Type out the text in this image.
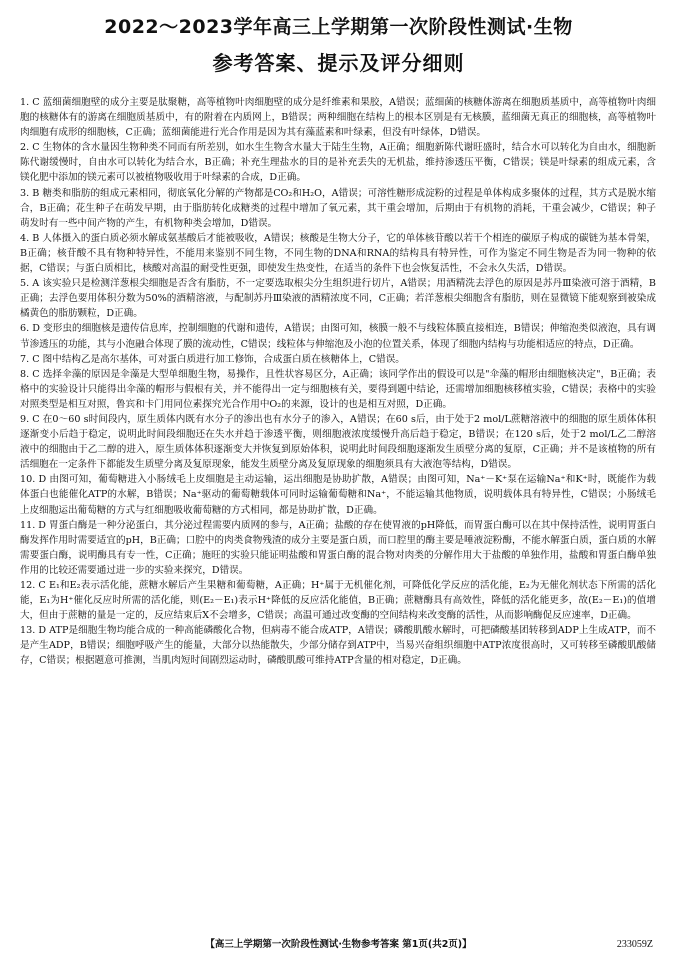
2022～2023学年高三上学期第一次阶段性测试·生物
参考答案、提示及评分细则

1. C 蓝细菌细胞壁的成分主要是肽聚糖，高等植物叶肉细胞壁的成分是纤维素和果胶，A错误；蓝细菌的核糖体游离在细胞质基质中，高等植物叶肉细胞的核糖体有的游离在细胞质基质中，有的附着在内质网上，B错误；两种细胞在结构上的根本区别是有无核膜，蓝细菌无真正的细胞核，高等植物叶肉细胞有成形的细胞核，C正确；蓝细菌能进行光合作用是因为其有藻蓝素和叶绿素，但没有叶绿体，D错误。

2. C 生物体的含水量因生物种类不同而有所差别，如水生生物含水量大于陆生生物，A正确；细胞新陈代谢旺盛时，结合水可以转化为自由水，细胞新陈代谢缓慢时，自由水可以转化为结合水，B正确；补充生理盐水的目的是补充丢失的无机盐，维持渗透压平衡，C错误；镁是叶绿素的组成元素，含镁化肥中添加的镁元素可以被植物吸收用于叶绿素的合成，D正确。

3. B 糖类和脂肪的组成元素相同，彻底氧化分解的产物都是CO₂和H₂O，A错误；可溶性糖形成淀粉的过程是单体构成多聚体的过程，其方式是脱水缩合，B正确；花生种子在萌发早期，由于脂肪转化成糖类的过程中增加了氧元素，其干重会增加，后期由于有机物的消耗，干重会减少，C错误；种子萌发时有一些中间产物的产生，有机物种类会增加，D错误。

4. B 人体摄入的蛋白质必须水解成氨基酸后才能被吸收，A错误；核酸是生物大分子，它的单体核苷酸以若干个相连的碳原子构成的碳链为基本骨架，B正确；核苷酸不具有物种特异性，不能用来鉴别不同生物，不同生物的DNA和RNA的结构具有特异性，可作为鉴定不同生物是否为同一物种的依据，C错误；与蛋白质相比，核酸对高温的耐受性更强，即使发生热变性，在适当的条件下也会恢复活性，不会永久失活，D错误。

5. A 该实验只是检测洋葱根尖细胞是否含有脂肪，不一定要选取根尖分生组织进行切片，A错误；用酒精洗去浮色的原因是苏丹Ⅲ染液可溶于酒精，B正确；去浮色要用体积分数为50%的酒精溶液，与配制苏丹Ⅲ染液的酒精浓度不同，C正确；若洋葱根尖细胞含有脂肪，则在显微镜下能观察到被染成橘黄色的脂肪颗粒，D正确。

6. D 变形虫的细胞核是遗传信息库，控制细胞的代谢和遗传，A错误；由图可知，核膜一般不与线粒体膜直接相连，B错误；伸缩泡类似液泡，具有调节渗透压的功能，其与小泡融合体现了膜的流动性，C错误；线粒体与伸缩泡及小泡的位置关系，体现了细胞内结构与功能相适应的特点，D正确。

7. C 图中结构乙是高尔基体，可对蛋白质进行加工修饰，合成蛋白质在核糖体上，C错误。

8. C 选择伞藻的原因是伞藻是大型单细胞生物，易操作，且性状容易区分，A正确；该同学作出的假设可以是"伞藻的帽形由细胞核决定"，B正确；表格中的实验设计只能得出伞藻的帽形与假根有关，并不能得出一定与细胞核有关，要得到题中结论，还需增加细胞核移植实验，C错误；表格中的实验对照类型是相互对照，鲁宾和卡门用同位素探究光合作用中O₂的来源，设计的也是相互对照，D正确。

9. C 在0～60 s时间段内，原生质体内既有水分子的渗出也有水分子的渗入，A错误；在60 s后，由于处于2 mol/L蔗糖溶液中的细胞的原生质体体积逐渐变小后趋于稳定，说明此时间段细胞还在失水并趋于渗透平衡，则细胞液浓度缓慢升高后趋于稳定，B错误；在120 s后，处于2 mol/L乙二醇溶液中的细胞由于乙二醇的进入，原生质体体积逐渐变大并恢复到原始体积，说明此时间段细胞逐渐发生质壁分离的复原，C正确；并不是该植物的所有活细胞在一定条件下都能发生质壁分离及复原现象，能发生质壁分离及复原现象的细胞须具有大液泡等结构，D错误。

10. D 由图可知，葡萄糖进入小肠绒毛上皮细胞是主动运输，运出细胞是协助扩散，A错误；由图可知，Na⁺－K⁺泵在运输Na⁺和K⁺时，既能作为载体蛋白也能催化ATP的水解，B错误；Na⁺驱动的葡萄糖载体可同时运输葡萄糖和Na⁺，不能运输其他物质，说明载体具有特异性，C错误；小肠绒毛上皮细胞运出葡萄糖的方式与红细胞吸收葡萄糖的方式相同，都是协助扩散，D正确。

11. D 胃蛋白酶是一种分泌蛋白，其分泌过程需要内质网的参与，A正确；盐酸的存在使胃液的pH降低，而胃蛋白酶可以在其中保持活性，说明胃蛋白酶发挥作用时需要适宜的pH，B正确；口腔中的肉类食物残渣的成分主要是蛋白质，而口腔里的酶主要是唾液淀粉酶，不能水解蛋白质，蛋白质的水解需要蛋白酶，说明酶具有专一性，C正确；施旺的实验只能证明盐酸和胃蛋白酶的混合物对肉类的分解作用大于盐酸的单独作用，盐酸和胃蛋白酶单独作用的比较还需要通过进一步的实验来探究，D错误。

12. C E₁和E₂表示活化能，蔗糖水解后产生果糖和葡萄糖，A正确；H⁺属于无机催化剂，可降低化学反应的活化能，E₂为无催化剂状态下所需的活化能，E₁为H⁺催化反应时所需的活化能，则(E₂－E₁)表示H⁺降低的反应活化能值，B正确；蔗糖酶具有高效性，降低的活化能更多，故(E₂－E₁)的值增大，但由于蔗糖的量是一定的，反应结束后X不会增多，C错误；高温可通过改变酶的空间结构来改变酶的活性，从而影响酶促反应速率，D正确。

13. D ATP是细胞生物均能合成的一种高能磷酸化合物，但病毒不能合成ATP，A错误；磷酸肌酸水解时，可把磷酸基团转移到ADP上生成ATP，而不是产生ADP，B错误；细胞呼吸产生的能量，大部分以热能散失，少部分储存到ATP中，当易兴奋组织细胞中ATP浓度很高时，又可转移至磷酸肌酸储存，C错误；根据题意可推测，当肌肉短时间剧烈运动时，磷酸肌酸可维持ATP含量的相对稳定，D正确。

【高三上学期第一次阶段性测试·生物参考答案 第1页(共2页)】	233059Z
